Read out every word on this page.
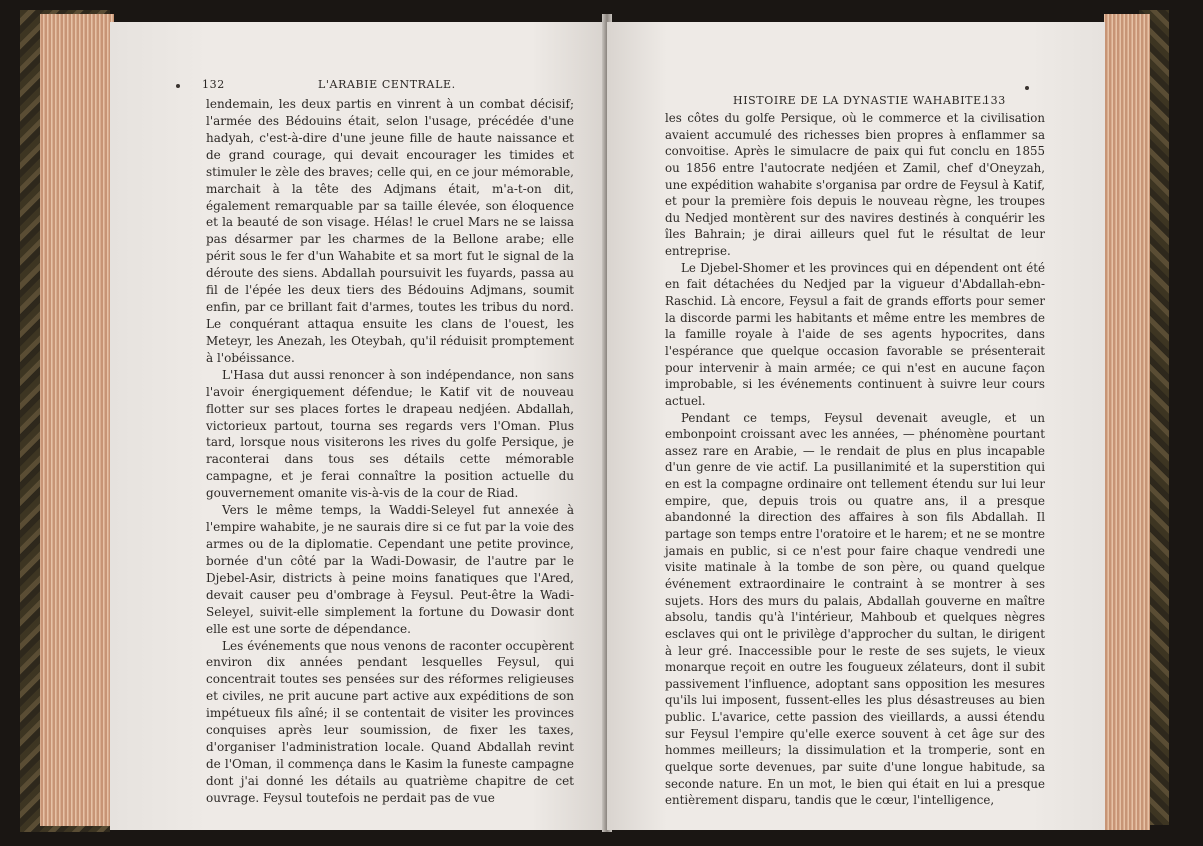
132	L'ARABIE CENTRALE.

lendemain, les deux partis en vinrent à un combat décisif; l'armée des Bédouins était, selon l'usage, précédée d'une hadyah, c'est-à-dire d'une jeune fille de haute naissance et de grand courage, qui devait encourager les timides et stimuler le zèle des braves; celle qui, en ce jour mémorable, marchait à la tête des Adjmans était, m'a-t-on dit, également remarquable par sa taille élevée, son éloquence et la beauté de son visage. Hélas! le cruel Mars ne se laissa pas désarmer par les charmes de la Bellone arabe; elle périt sous le fer d'un Wahabite et sa mort fut le signal de la déroute des siens. Abdallah poursuivit les fuyards, passa au fil de l'épée les deux tiers des Bédouins Adjmans, soumit enfin, par ce brillant fait d'armes, toutes les tribus du nord. Le conquérant attaqua ensuite les clans de l'ouest, les Meteyr, les Anezah, les Oteybah, qu'il réduisit promptement à l'obéissance.

L'Hasa dut aussi renoncer à son indépendance, non sans l'avoir énergiquement défendue; le Katif vit de nouveau flotter sur ses places fortes le drapeau nedjéen. Abdallah, victorieux partout, tourna ses regards vers l'Oman. Plus tard, lorsque nous visiterons les rives du golfe Persique, je raconterai dans tous ses détails cette mémorable campagne, et je ferai connaître la position actuelle du gouvernement omanite vis-à-vis de la cour de Riad.

Vers le même temps, la Waddi-Seleyel fut annexée à l'empire wahabite, je ne saurais dire si ce fut par la voie des armes ou de la diplomatie. Cependant une petite province, bornée d'un côté par la Wadi-Dowasir, de l'autre par le Djebel-Asir, districts à peine moins fanatiques que l'Ared, devait causer peu d'ombrage à Feysul. Peut-être la Wadi-Seleyel, suivit-elle simplement la fortune du Dowasir dont elle est une sorte de dépendance.

Les événements que nous venons de raconter occupèrent environ dix années pendant lesquelles Feysul, qui concentrait toutes ses pensées sur des réformes religieuses et civiles, ne prit aucune part active aux expéditions de son impétueux fils aîné; il se contentait de visiter les provinces conquises après leur soumission, de fixer les taxes, d'organiser l'administration locale. Quand Abdallah revint de l'Oman, il commença dans le Kasim la funeste campagne dont j'ai donné les détails au quatrième chapitre de cet ouvrage. Feysul toutefois ne perdait pas de vue

HISTOIRE DE LA DYNASTIE WAHABITE.
133

les côtes du golfe Persique, où le commerce et la civilisation avaient accumulé des richesses bien propres à enflammer sa convoitise. Après le simulacre de paix qui fut conclu en 1855 ou 1856 entre l'autocrate nedjéen et Zamil, chef d'Oneyzah, une expédition wahabite s'organisa par ordre de Feysul à Katif, et pour la première fois depuis le nouveau règne, les troupes du Nedjed montèrent sur des navires destinés à conquérir les îles Bahrain; je dirai ailleurs quel fut le résultat de leur entreprise.

Le Djebel-Shomer et les provinces qui en dépendent ont été en fait détachées du Nedjed par la vigueur d'Abdallah-ebn-Raschid. Là encore, Feysul a fait de grands efforts pour semer la discorde parmi les habitants et même entre les membres de la famille royale à l'aide de ses agents hypocrites, dans l'espérance que quelque occasion favorable se présenterait pour intervenir à main armée; ce qui n'est en aucune façon improbable, si les événements continuent à suivre leur cours actuel.

Pendant ce temps, Feysul devenait aveugle, et un embonpoint croissant avec les années, — phénomène pourtant assez rare en Arabie, — le rendait de plus en plus incapable d'un genre de vie actif. La pusillanimité et la superstition qui en est la compagne ordinaire ont tellement étendu sur lui leur empire, que, depuis trois ou quatre ans, il a presque abandonné la direction des affaires à son fils Abdallah. Il partage son temps entre l'oratoire et le harem; et ne se montre jamais en public, si ce n'est pour faire chaque vendredi une visite matinale à la tombe de son père, ou quand quelque événement extraordinaire le contraint à se montrer à ses sujets. Hors des murs du palais, Abdallah gouverne en maître absolu, tandis qu'à l'intérieur, Mahboub et quelques nègres esclaves qui ont le privilège d'approcher du sultan, le dirigent à leur gré. Inaccessible pour le reste de ses sujets, le vieux monarque reçoit en outre les fougueux zélateurs, dont il subit passivement l'influence, adoptant sans opposition les mesures qu'ils lui imposent, fussent-elles les plus désastreuses au bien public. L'avarice, cette passion des vieillards, a aussi étendu sur Feysul l'empire qu'elle exerce souvent à cet âge sur des hommes meilleurs; la dissimulation et la tromperie, sont en quelque sorte devenues, par suite d'une longue habitude, sa seconde nature. En un mot, le bien qui était en lui a presque entièrement disparu, tandis que le cœur, l'intelligence,
